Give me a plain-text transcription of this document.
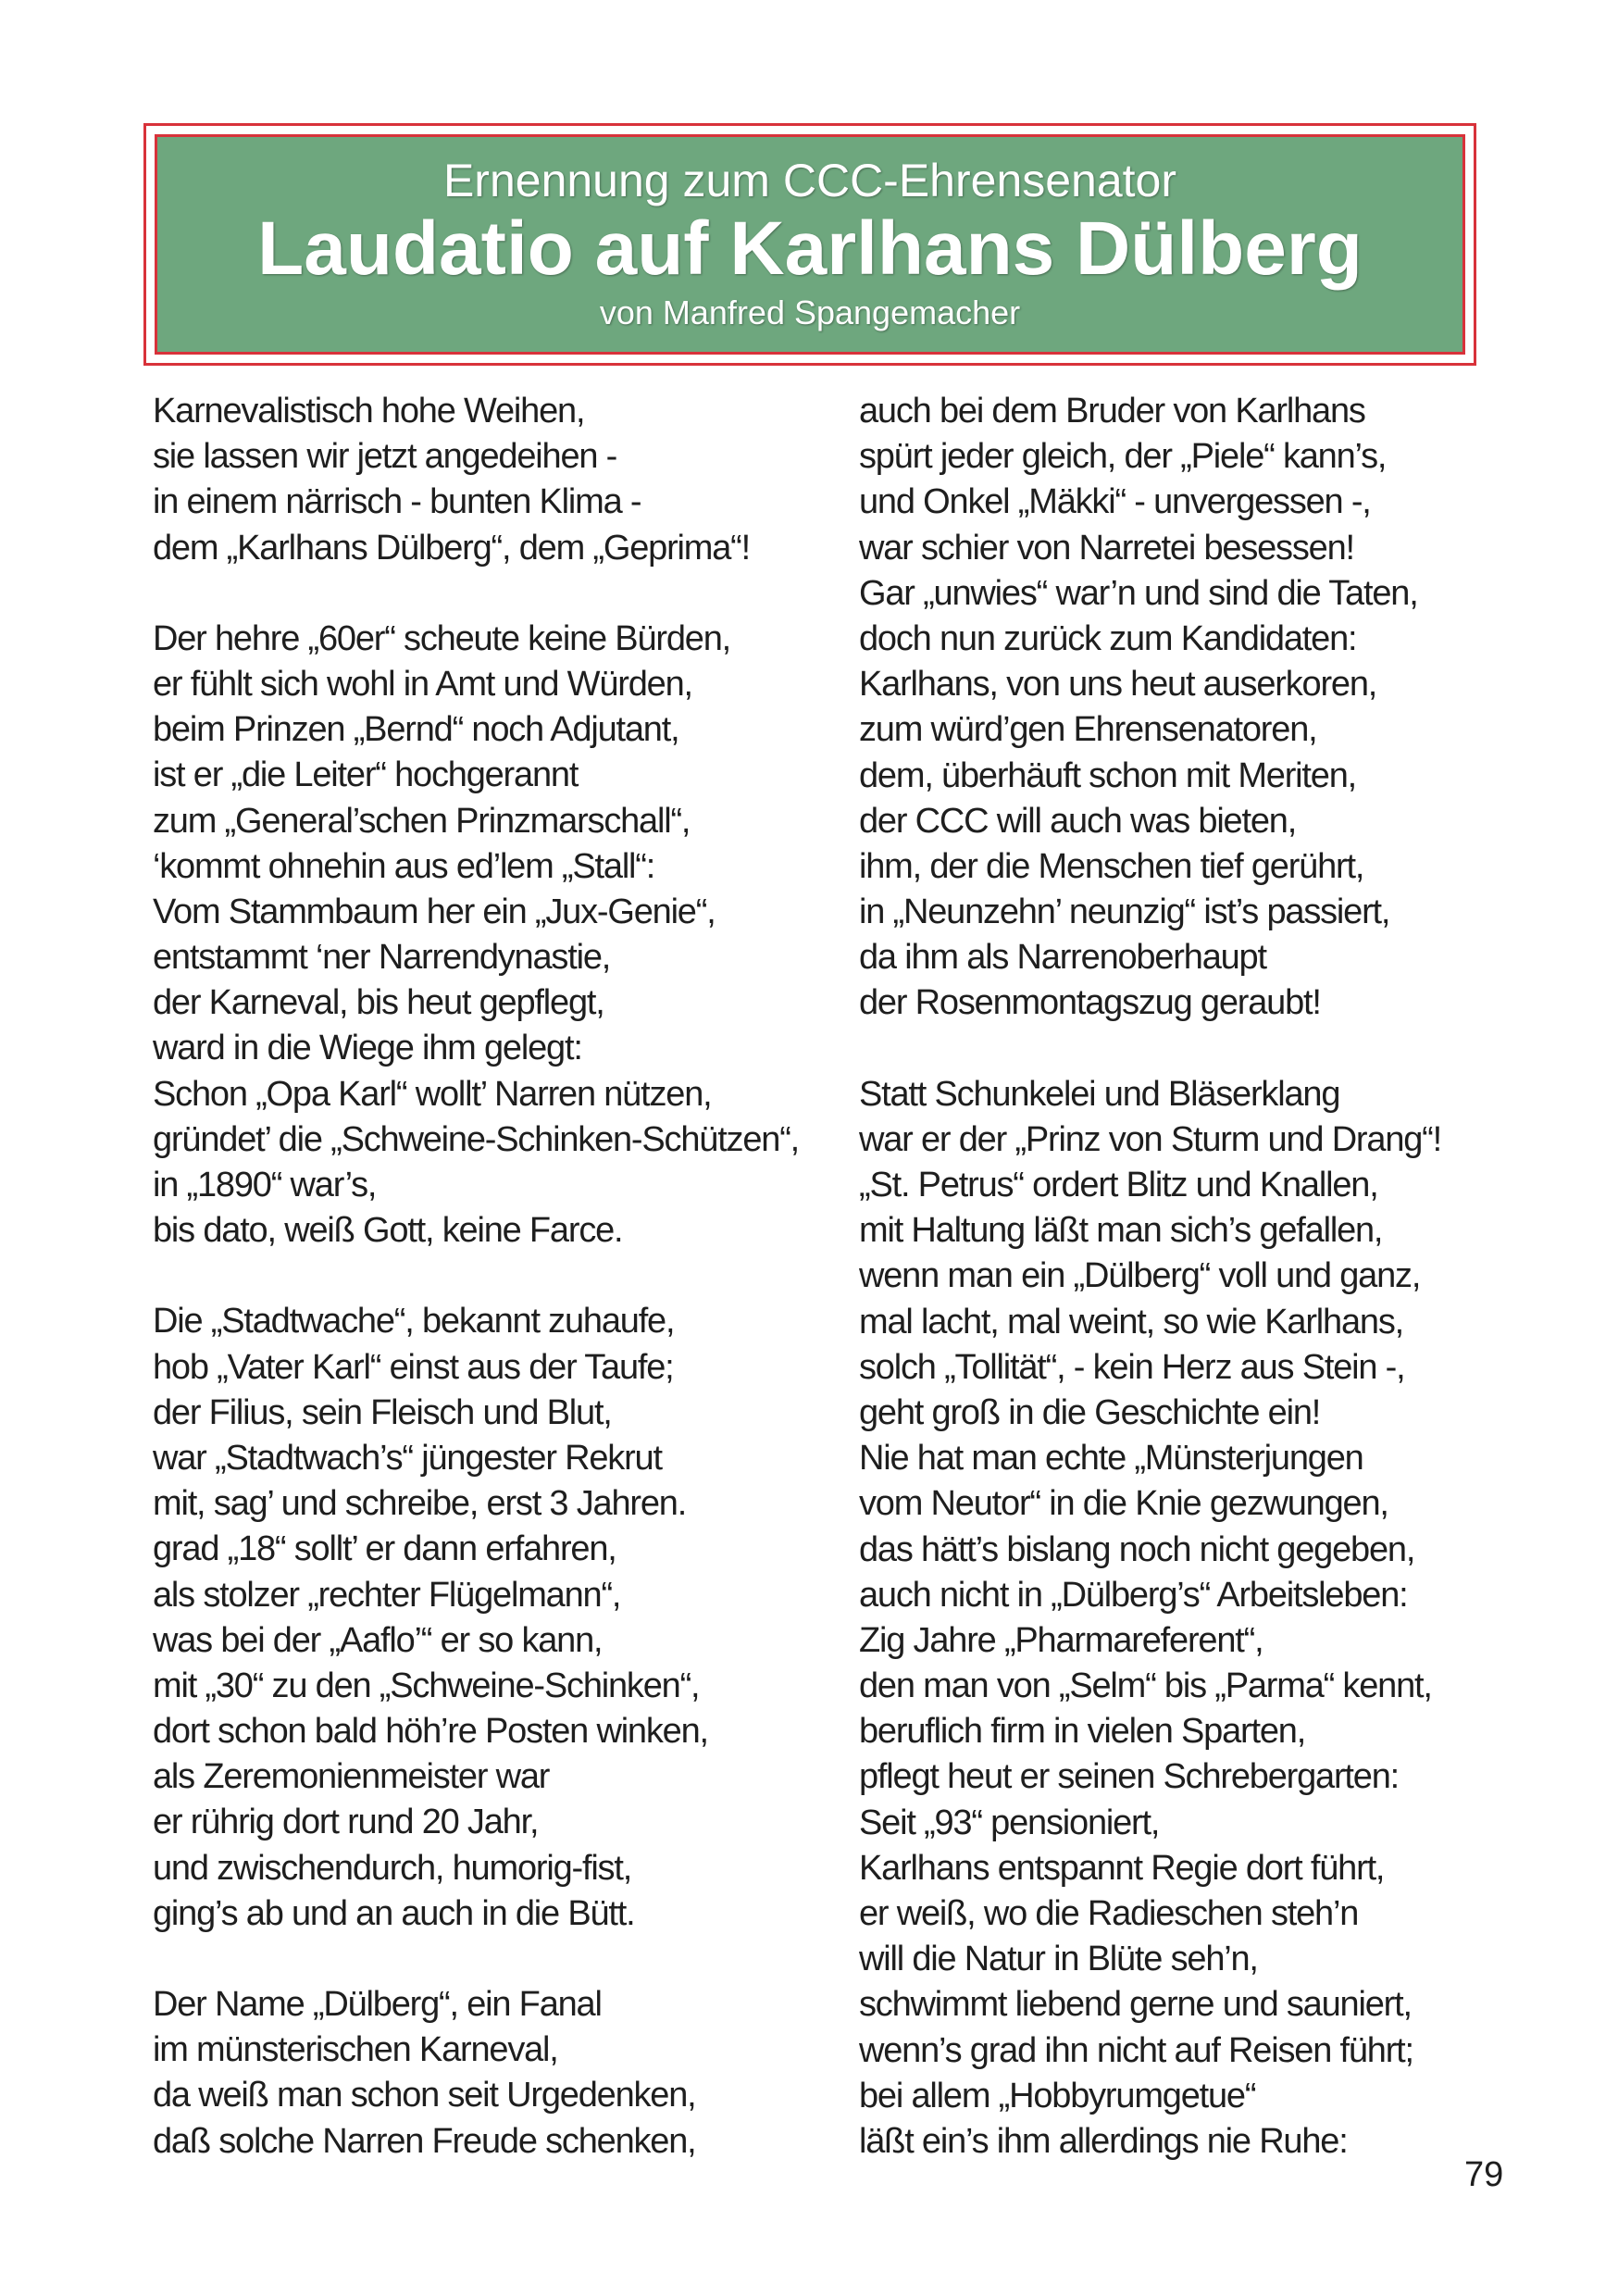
Ernennung zum CCC-Ehrensenator
Laudatio auf Karlhans Dülberg
von Manfred Spangemacher
Karnevalistisch hohe Weihen,
sie lassen wir jetzt angedeihen -
in einem närrisch - bunten Klima -
dem „Karlhans Dülberg“, dem „Geprima“!
Der hehre „60er“ scheute keine Bürden,
er fühlt sich wohl in Amt und Würden,
beim Prinzen „Bernd“ noch Adjutant,
ist er „die Leiter“ hochgerannt
zum „General’schen Prinzmarschall“,
‘kommt ohnehin aus ed’lem „Stall“:
Vom Stammbaum her ein „Jux-Genie“,
entstammt ‘ner Narrendynastie,
der Karneval, bis heut gepflegt,
ward in die Wiege ihm gelegt:
Schon „Opa Karl“ wollt’ Narren nützen,
gründet’ die „Schweine-Schinken-Schützen“,
in „1890“ war’s,
bis dato, weiß Gott, keine Farce.
Die „Stadtwache“, bekannt zuhaufe,
hob „Vater Karl“ einst aus der Taufe;
der Filius, sein Fleisch und Blut,
war „Stadtwach’s“ jüngester Rekrut
mit, sag’ und schreibe, erst 3 Jahren.
grad „18“ sollt’ er dann erfahren,
als stolzer „rechter Flügelmann“,
was bei der „Aaflo’“ er so kann,
mit „30“ zu den „Schweine-Schinken“,
dort schon bald höh’re Posten winken,
als Zeremonienmeister war
er rührig dort rund 20 Jahr,
und zwischendurch, humorig-fist,
ging’s ab und an auch in die Bütt.
Der Name „Dülberg“, ein Fanal
im münsterischen Karneval,
da weiß man schon seit Urgedenken,
daß solche Narren Freude schenken,
auch bei dem Bruder von Karlhans
spürt jeder gleich, der „Piele“ kann’s,
und Onkel „Mäkki“ - unvergessen -,
war schier von Narretei besessen!
Gar „unwies“ war’n und sind die Taten,
doch nun zurück zum Kandidaten:
Karlhans, von uns heut auserkoren,
zum würd’gen Ehrensenatoren,
dem, überhäuft schon mit Meriten,
der CCC will auch was bieten,
ihm, der die Menschen tief gerührt,
in „Neunzehn’ neunzig“ ist’s passiert,
da ihm als Narrenoberhaupt
der Rosenmontagszug geraubt!
Statt Schunkelei und Bläserklang
war er der „Prinz von Sturm und Drang“!
„St. Petrus“ ordert Blitz und Knallen,
mit Haltung läßt man sich’s gefallen,
wenn man ein „Dülberg“ voll und ganz,
mal lacht, mal weint, so wie Karlhans,
solch „Tollität“, - kein Herz aus Stein -,
geht groß in die Geschichte ein!
Nie hat man echte „Münsterjungen
vom Neutor“ in die Knie gezwungen,
das hätt’s bislang noch nicht gegeben,
auch nicht in „Dülberg’s“ Arbeitsleben:
Zig Jahre „Pharmareferent“,
den man von „Selm“ bis „Parma“ kennt,
beruflich firm in vielen Sparten,
pflegt heut er seinen Schrebergarten:
Seit „93“ pensioniert,
Karlhans entspannt Regie dort führt,
er weiß, wo die Radieschen steh’n
will die Natur in Blüte seh’n,
schwimmt liebend gerne und sauniert,
wenn’s grad ihn nicht auf Reisen führt;
bei allem „Hobbyrumgetue“
läßt ein’s ihm allerdings nie Ruhe:
79
